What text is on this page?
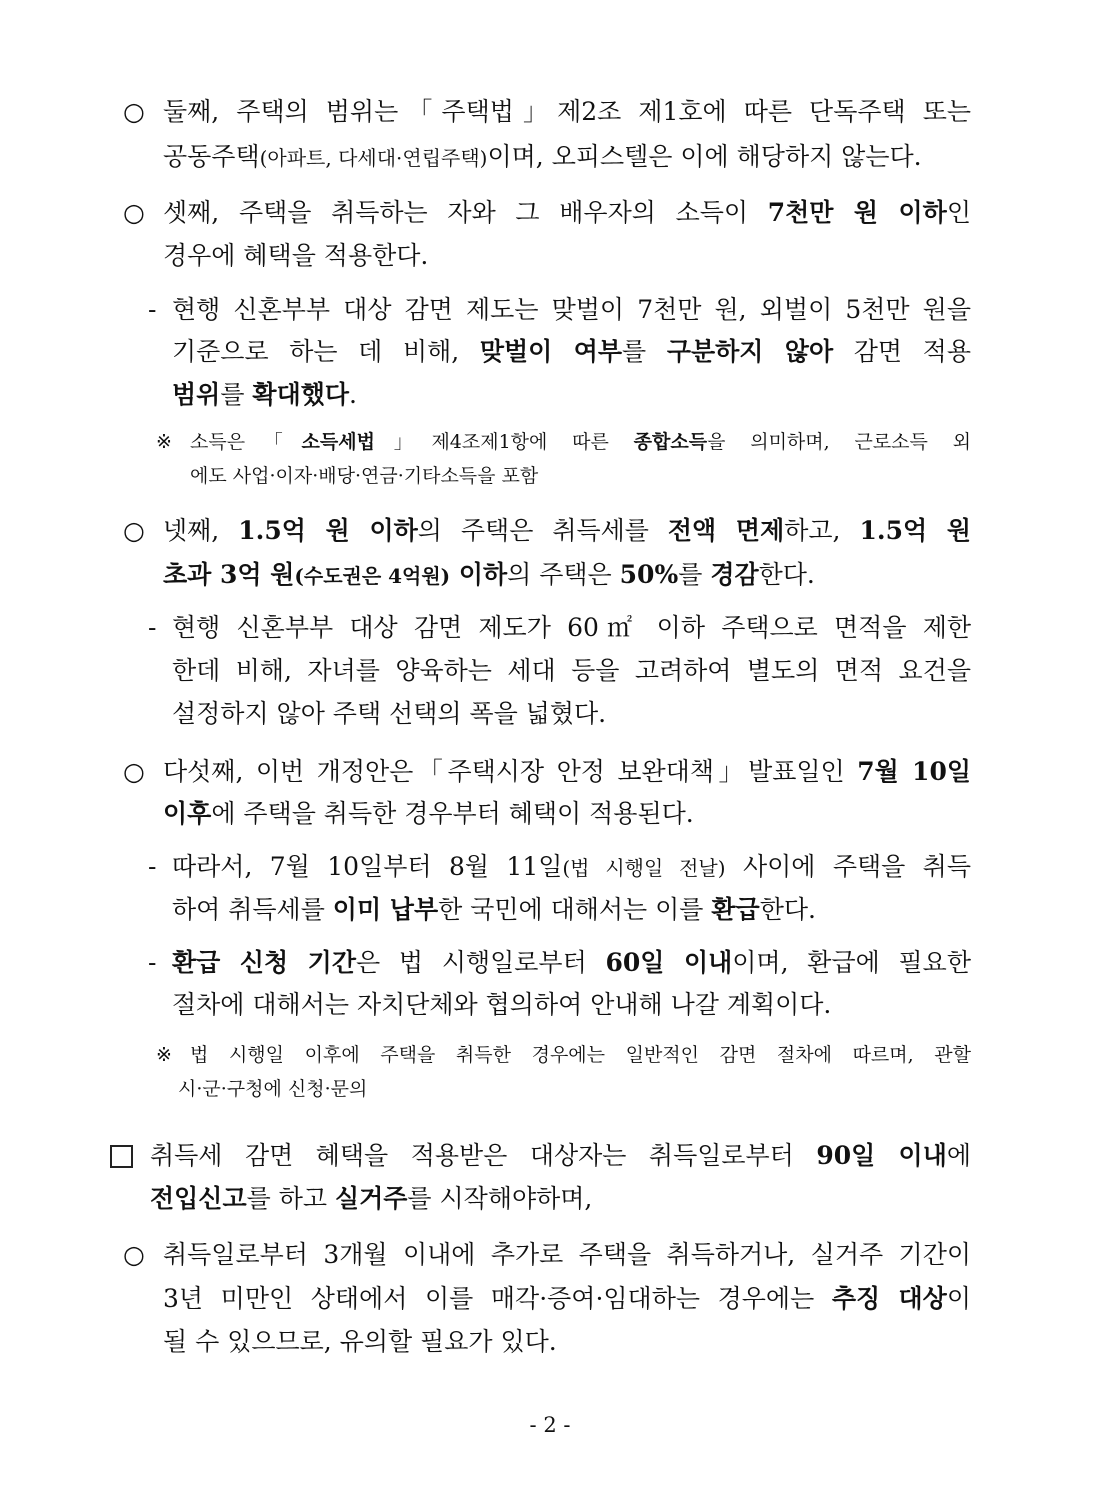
○ 둘째, 주택의 범위는「주택법」제2조 제1호에 따른 단독주택 또는
공동주택(아파트, 다세대·연립주택)이며, 오피스텔은 이에 해당하지 않는다.
○ 셋째, 주택을 취득하는 자와 그 배우자의 소득이 7천만 원 이하인
경우에 혜택을 적용한다.
- 현행 신혼부부 대상 감면 제도는 맞벌이 7천만 원, 외벌이 5천만 원을
기준으로 하는 데 비해, 맞벌이 여부를 구분하지 않아 감면 적용
범위를 확대했다.
※ 소득은「소득세법」제4조제1항에 따른 종합소득을 의미하며, 근로소득 외
에도 사업·이자·배당·연금·기타소득을 포함
○ 넷째, 1.5억 원 이하의 주택은 취득세를 전액 면제하고, 1.5억 원
초과 3억 원(수도권은 4억원) 이하의 주택은 50%를 경감한다.
- 현행 신혼부부 대상 감면 제도가 60㎡ 이하 주택으로 면적을 제한
한데 비해, 자녀를 양육하는 세대 등을 고려하여 별도의 면적 요건을
설정하지 않아 주택 선택의 폭을 넓혔다.
○ 다섯째, 이번 개정안은「주택시장 안정 보완대책」발표일인 7월 10일
이후에 주택을 취득한 경우부터 혜택이 적용된다.
- 따라서, 7월 10일부터 8월 11일(법 시행일 전날) 사이에 주택을 취득
하여 취득세를 이미 납부한 국민에 대해서는 이를 환급한다.
- 환급 신청 기간은 법 시행일로부터 60일 이내이며, 환급에 필요한
절차에 대해서는 자치단체와 협의하여 안내해 나갈 계획이다.
※ 법 시행일 이후에 주택을 취득한 경우에는 일반적인 감면 절차에 따르며, 관할
시·군·구청에 신청·문의
취득세 감면 혜택을 적용받은 대상자는 취득일로부터 90일 이내에
전입신고를 하고 실거주를 시작해야하며,
○ 취득일로부터 3개월 이내에 추가로 주택을 취득하거나, 실거주 기간이
3년 미만인 상태에서 이를 매각·증여·임대하는 경우에는 추징 대상이
될 수 있으므로, 유의할 필요가 있다.
- 2 -
